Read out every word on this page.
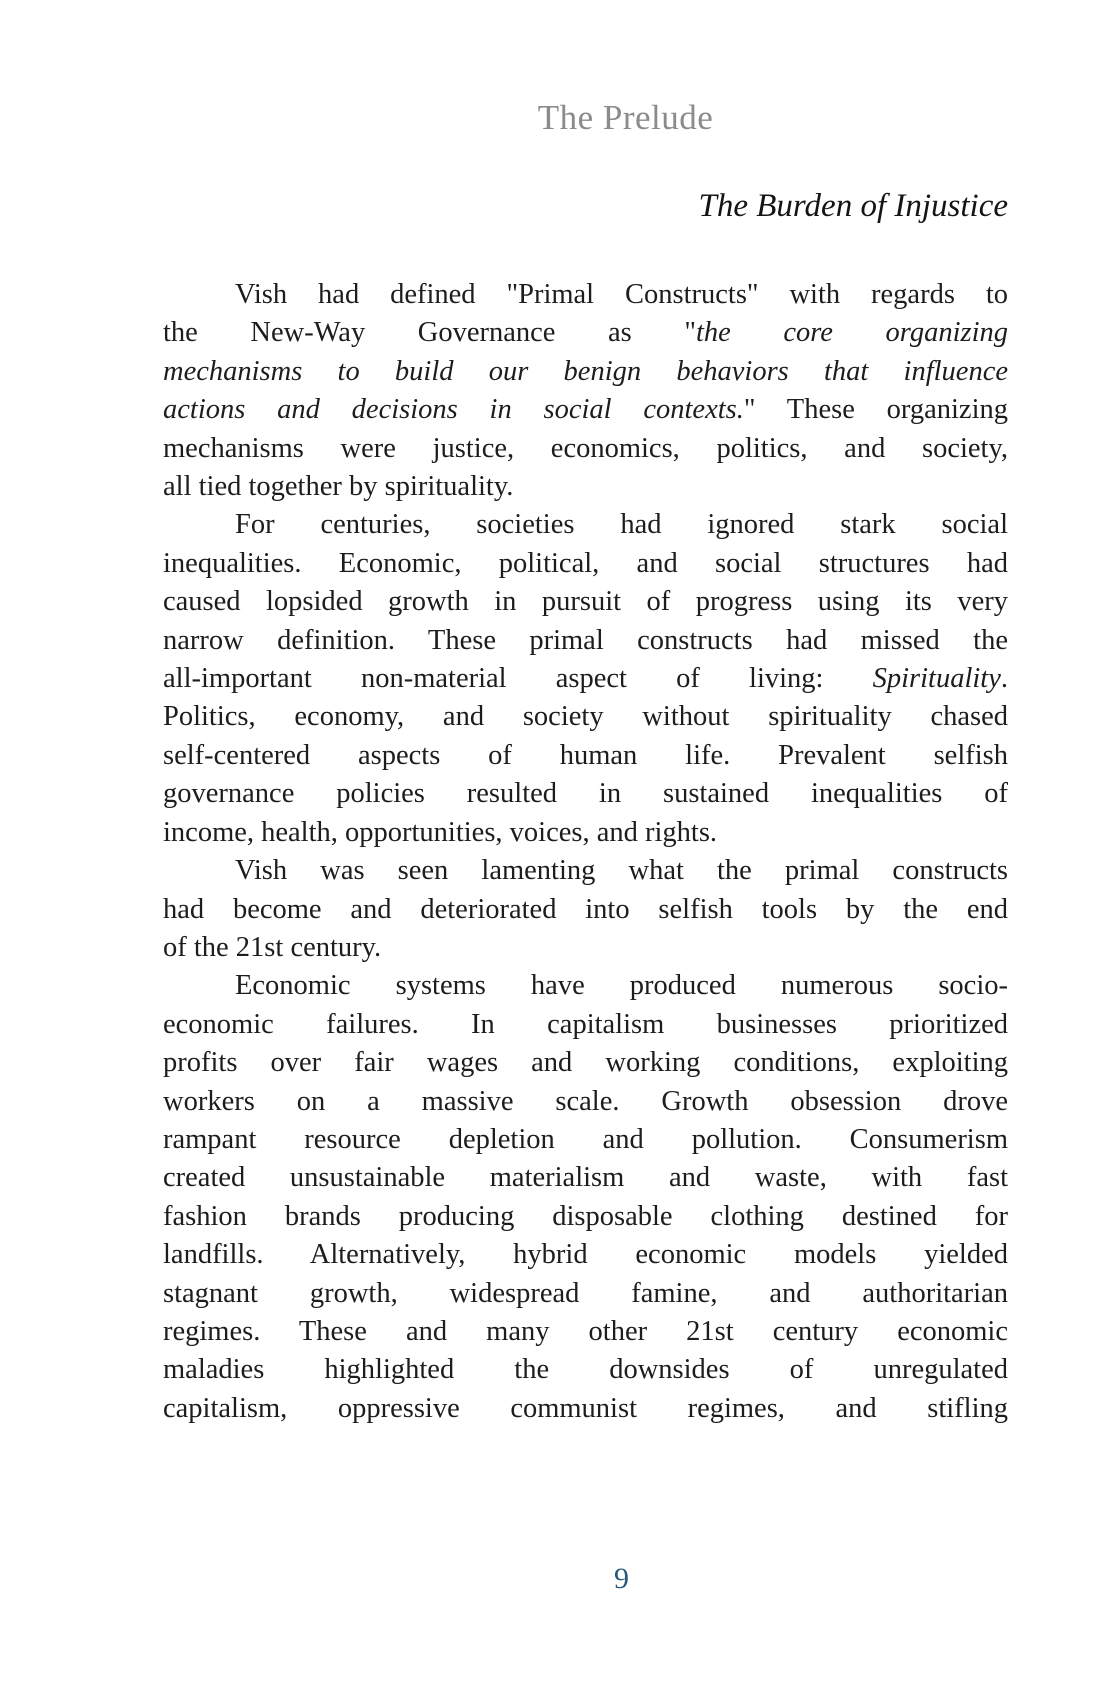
The Prelude
The Burden of Injustice
Vish had defined "Primal Constructs" with regards to
the New-Way Governance as "the core organizing
mechanisms to build our benign behaviors that influence
actions and decisions in social contexts." These organizing
mechanisms were justice, economics, politics, and society,
all tied together by spirituality.
For centuries, societies had ignored stark social
inequalities. Economic, political, and social structures had
caused lopsided growth in pursuit of progress using its very
narrow definition. These primal constructs had missed the
all-important non-material aspect of living: Spirituality.
Politics, economy, and society without spirituality chased
self-centered aspects of human life. Prevalent selfish
governance policies resulted in sustained inequalities of
income, health, opportunities, voices, and rights.
Vish was seen lamenting what the primal constructs
had become and deteriorated into selfish tools by the end
of the 21st century.
Economic systems have produced numerous socio-
economic failures. In capitalism businesses prioritized
profits over fair wages and working conditions, exploiting
workers on a massive scale. Growth obsession drove
rampant resource depletion and pollution. Consumerism
created unsustainable materialism and waste, with fast
fashion brands producing disposable clothing destined for
landfills. Alternatively, hybrid economic models yielded
stagnant growth, widespread famine, and authoritarian
regimes. These and many other 21st century economic
maladies highlighted the downsides of unregulated
capitalism, oppressive communist regimes, and stifling
9
